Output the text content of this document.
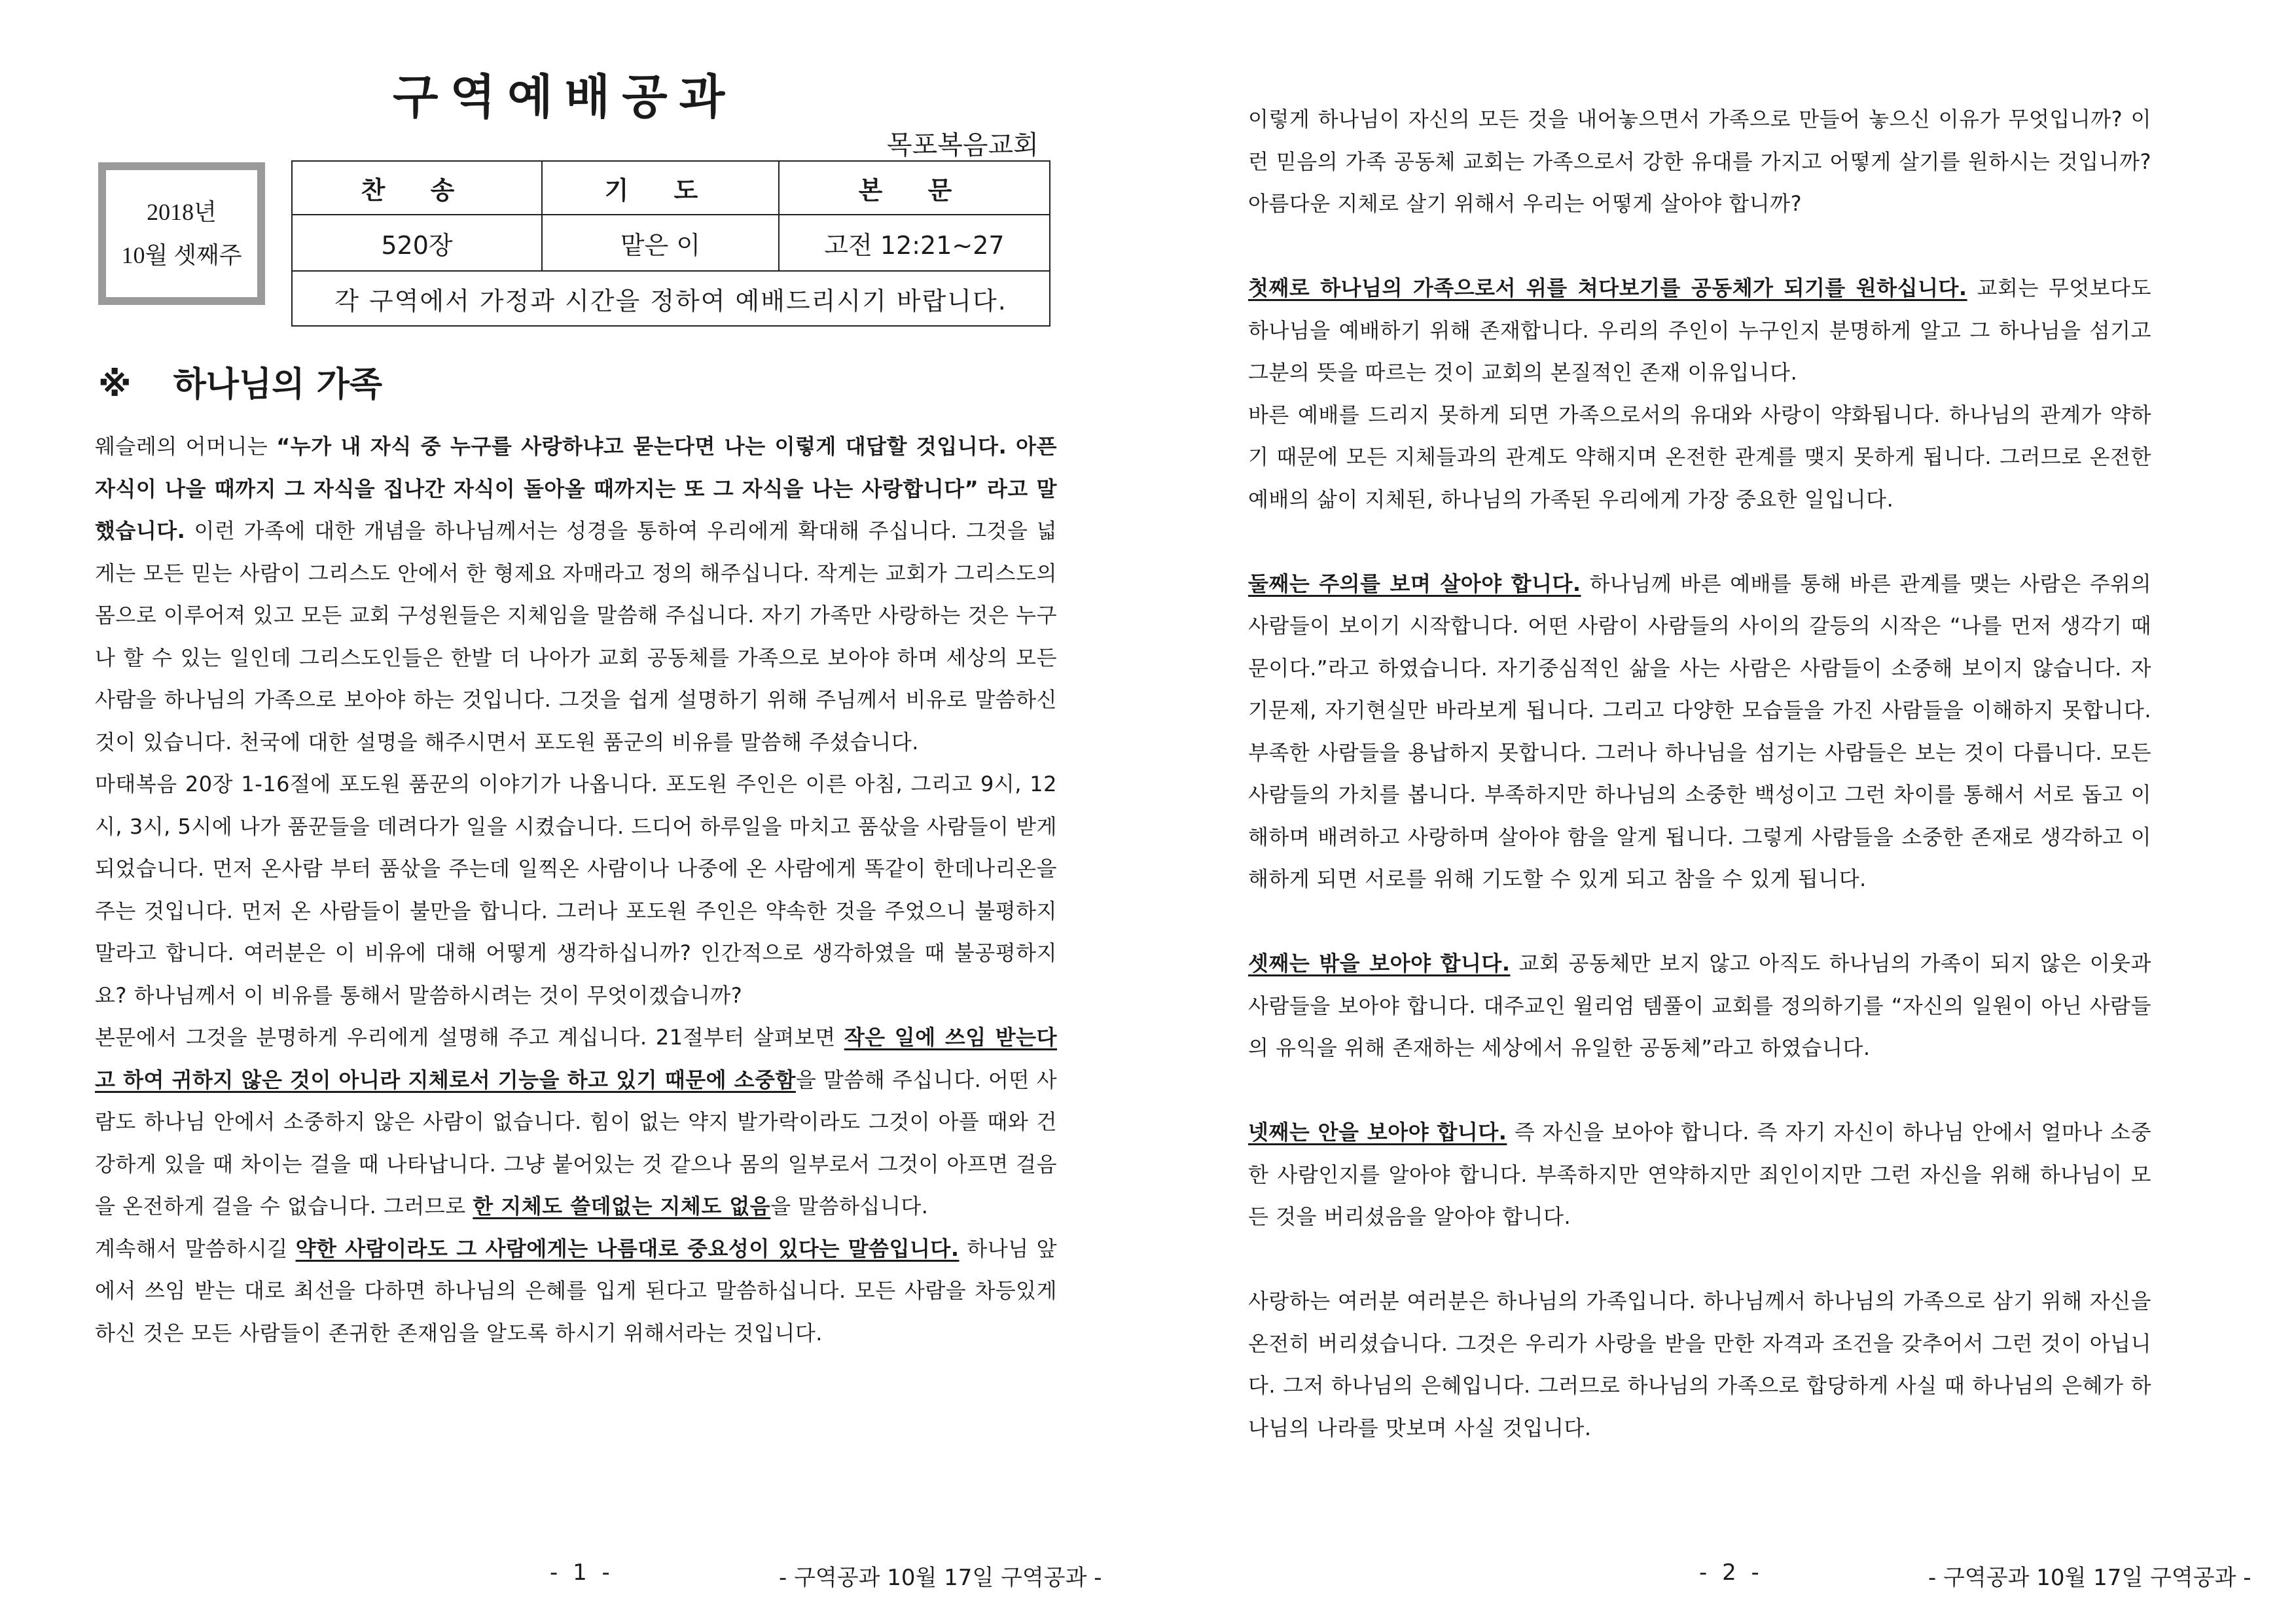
구역예배공과
목포복음교회
2018년
10월 셋째주
찬 송	기 도	본 문
520장	맡은 이	고전 12:21~27
각 구역에서 가정과 시간을 정하여 예배드리시기 바랍니다.		
※ 하나님의 가족

웨슬레의 어머니는 “누가 내 자식 중 누구를 사랑하냐고 묻는다면 나는 이렇게 대답할 것입니다. 아픈 자식이 나을 때까지 그 자식을 집나간 자식이 돌아올 때까지는 또 그 자식을 나는 사랑합니다” 라고 말했습니다. 이런 가족에 대한 개념을 하나님께서는 성경을 통하여 우리에게 확대해 주십니다. 그것을 넓게는 모든 믿는 사람이 그리스도 안에서 한 형제요 자매라고 정의 해주십니다. 작게는 교회가 그리스도의 몸으로 이루어져 있고 모든 교회 구성원들은 지체임을 말씀해 주십니다. 자기 가족만 사랑하는 것은 누구나 할 수 있는 일인데 그리스도인들은 한발 더 나아가 교회 공동체를 가족으로 보아야 하며 세상의 모든 사람을 하나님의 가족으로 보아야 하는 것입니다. 그것을 쉽게 설명하기 위해 주님께서 비유로 말씀하신 것이 있습니다. 천국에 대한 설명을 해주시면서 포도원 품군의 비유를 말씀해 주셨습니다.

마태복음 20장 1-16절에 포도원 품꾼의 이야기가 나옵니다. 포도원 주인은 이른 아침, 그리고 9시, 12시, 3시, 5시에 나가 품꾼들을 데려다가 일을 시켰습니다. 드디어 하루일을 마치고 품삯을 사람들이 받게 되었습니다. 먼저 온사람 부터 품삯을 주는데 일찍온 사람이나 나중에 온 사람에게 똑같이 한데나리온을 주는 것입니다. 먼저 온 사람들이 불만을 합니다. 그러나 포도원 주인은 약속한 것을 주었으니 불평하지 말라고 합니다. 여러분은 이 비유에 대해 어떻게 생각하십니까? 인간적으로 생각하였을 때 불공평하지요? 하나님께서 이 비유를 통해서 말씀하시려는 것이 무엇이겠습니까?

본문에서 그것을 분명하게 우리에게 설명해 주고 계십니다. 21절부터 살펴보면 작은 일에 쓰임 받는다고 하여 귀하지 않은 것이 아니라 지체로서 기능을 하고 있기 때문에 소중함을 말씀해 주십니다. 어떤 사람도 하나님 안에서 소중하지 않은 사람이 없습니다. 힘이 없는 약지 발가락이라도 그것이 아플 때와 건강하게 있을 때 차이는 걸을 때 나타납니다. 그냥 붙어있는 것 같으나 몸의 일부로서 그것이 아프면 걸음을 온전하게 걸을 수 없습니다. 그러므로 한 지체도 쓸데없는 지체도 없음을 말씀하십니다.

계속해서 말씀하시길 약한 사람이라도 그 사람에게는 나름대로 중요성이 있다는 말씀입니다. 하나님 앞에서 쓰임 받는 대로 최선을 다하면 하나님의 은혜를 입게 된다고 말씀하십니다. 모든 사람을 차등있게 하신 것은 모든 사람들이 존귀한 존재임을 알도록 하시기 위해서라는 것입니다.

- 1 -	- 구역공과 10월 17일 구역공과 -

이렇게 하나님이 자신의 모든 것을 내어놓으면서 가족으로 만들어 놓으신 이유가 무엇입니까? 이런 믿음의 가족 공동체 교회는 가족으로서 강한 유대를 가지고 어떻게 살기를 원하시는 것입니까? 아름다운 지체로 살기 위해서 우리는 어떻게 살아야 합니까?

첫째로 하나님의 가족으로서 위를 쳐다보기를 공동체가 되기를 원하십니다. 교회는 무엇보다도 하나님을 예배하기 위해 존재합니다. 우리의 주인이 누구인지 분명하게 알고 그 하나님을 섬기고 그분의 뜻을 따르는 것이 교회의 본질적인 존재 이유입니다.

바른 예배를 드리지 못하게 되면 가족으로서의 유대와 사랑이 약화됩니다. 하나님의 관계가 약하기 때문에 모든 지체들과의 관계도 약해지며 온전한 관계를 맺지 못하게 됩니다. 그러므로 온전한 예배의 삶이 지체된, 하나님의 가족된 우리에게 가장 중요한 일입니다.

둘째는 주의를 보며 살아야 합니다. 하나님께 바른 예배를 통해 바른 관계를 맺는 사람은 주위의 사람들이 보이기 시작합니다. 어떤 사람이 사람들의 사이의 갈등의 시작은 “나를 먼저 생각기 때문이다.”라고 하였습니다. 자기중심적인 삶을 사는 사람은 사람들이 소중해 보이지 않습니다. 자기문제, 자기현실만 바라보게 됩니다. 그리고 다양한 모습들을 가진 사람들을 이해하지 못합니다. 부족한 사람들을 용납하지 못합니다. 그러나 하나님을 섬기는 사람들은 보는 것이 다릅니다. 모든 사람들의 가치를 봅니다. 부족하지만 하나님의 소중한 백성이고 그런 차이를 통해서 서로 돕고 이해하며 배려하고 사랑하며 살아야 함을 알게 됩니다. 그렇게 사람들을 소중한 존재로 생각하고 이해하게 되면 서로를 위해 기도할 수 있게 되고 참을 수 있게 됩니다.

셋째는 밖을 보아야 합니다. 교회 공동체만 보지 않고 아직도 하나님의 가족이 되지 않은 이웃과 사람들을 보아야 합니다. 대주교인 윌리엄 템풀이 교회를 정의하기를 “자신의 일원이 아닌 사람들의 유익을 위해 존재하는 세상에서 유일한 공동체”라고 하였습니다.

넷째는 안을 보아야 합니다. 즉 자신을 보아야 합니다. 즉 자기 자신이 하나님 안에서 얼마나 소중한 사람인지를 알아야 합니다. 부족하지만 연약하지만 죄인이지만 그런 자신을 위해 하나님이 모든 것을 버리셨음을 알아야 합니다.

사랑하는 여러분 여러분은 하나님의 가족입니다. 하나님께서 하나님의 가족으로 삼기 위해 자신을 온전히 버리셨습니다. 그것은 우리가 사랑을 받을 만한 자격과 조건을 갖추어서 그런 것이 아닙니다. 그저 하나님의 은혜입니다. 그러므로 하나님의 가족으로 합당하게 사실 때 하나님의 은혜가 하나님의 나라를 맛보며 사실 것입니다.

- 2 -	- 구역공과 10월 17일 구역공과 -
